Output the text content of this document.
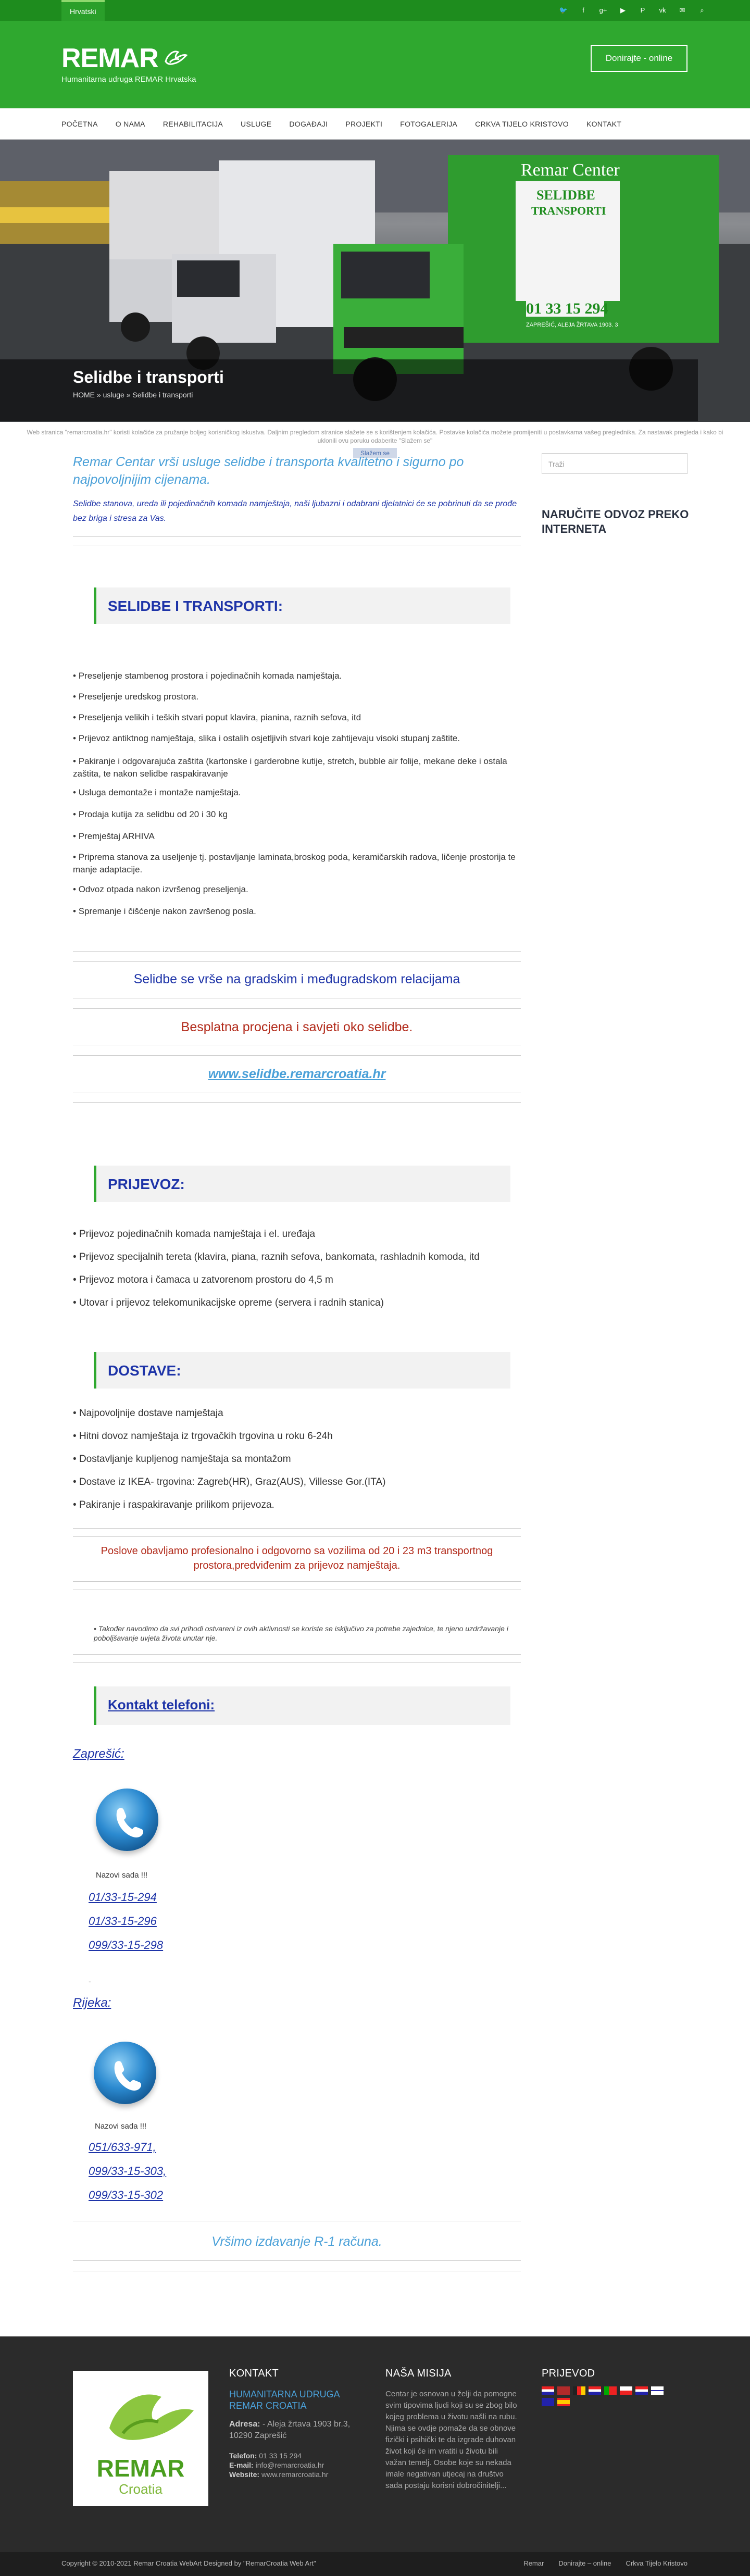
Hrvatski	🐦	f	g+	▶	P	vk	✉	⌕
REMAR
Humanitarna udruga REMAR Hrvatska
Donirajte - online
POČETNA	O NAMA	REHABILITACIJA	USLUGE	DOGAĐAJI	PROJEKTI	FOTOGALERIJA	CRKVA TIJELO KRISTOVO	KONTAKT
Remar Center
SELIDBE
TRANSPORTI
01 33 15 294
ZAPREŠIĆ, ALEJA ŽRTAVA 1903. 3
Selidbe i transporti
HOME » usluge » Selidbe i transporti
Web stranica "remarcroatia.hr" koristi kolačiće za pružanje boljeg korisničkog iskustva. Daljnim pregledom stranice slažete se s korištenjem kolačića. Postavke kolačića možete promijeniti u postavkama vašeg preglednika. Za nastavak pregleda i kako bi uklonili ovu poruku odaberite "Slažem se"
Slažem se
Traži
NARUČITE ODVOZ PREKO INTERNETA

Remar Centar vrši usluge selidbe i transporta kvalitetno i sigurno po najpovoljnijim cijenama.

Selidbe stanova, ureda ili pojedinačnih komada namještaja, naši ljubazni i odabrani djelatnici će se pobrinuti da se prođe bez briga i stresa za Vas.

SELIDBE I TRANSPORTI:
• Preseljenje stambenog prostora i pojedinačnih komada namještaja.
• Preseljenje uredskog prostora.
• Preseljenja velikih i teških stvari poput klavira, pianina, raznih sefova, itd
• Prijevoz antiktnog namještaja, slika i ostalih osjetljivih stvari koje zahtijevaju visoki stupanj zaštite.
• Pakiranje i odgovarajuća zaštita (kartonske i garderobne kutije, stretch, bubble air folije, mekane deke i ostala zaštita, te nakon selidbe raspakiravanje
• Usluga demontaže i montaže namještaja.
• Prodaja kutija za selidbu od 20 i 30 kg
• Premještaj ARHIVA
• Priprema stanova za useljenje tj. postavljanje laminata,broskog poda, keramičarskih radova, ličenje prostorija te manje adaptacije.
• Odvoz otpada nakon izvršenog preseljenja.
• Spremanje i čišćenje nakon završenog posla.
Selidbe se vrše na gradskim i međugradskom relacijama
Besplatna procjena i savjeti oko selidbe.
www.selidbe.remarcroatia.hr
PRIJEVOZ:
• Prijevoz pojedinačnih komada namještaja i el. uređaja
• Prijevoz specijalnih tereta (klavira, piana, raznih sefova, bankomata, rashladnih komoda, itd
• Prijevoz motora i čamaca u zatvorenom prostoru do 4,5 m
• Utovar i prijevoz telekomunikacijske opreme (servera i radnih stanica)
DOSTAVE:
• Najpovoljnije dostave namještaja
• Hitni dovoz namještaja iz trgovačkih trgovina u roku 6-24h
• Dostavljanje kupljenog namještaja sa montažom
• Dostave iz IKEA- trgovina: Zagreb(HR), Graz(AUS), Villesse Gor.(ITA)
• Pakiranje i raspakiravanje prilikom prijevoza.
Poslove obavljamo profesionalno i odgovorno sa vozilima od 20 i 23 m3 transportnog prostora,predviđenim za prijevoz namještaja.
• Također navodimo da svi prihodi ostvareni iz ovih aktivnosti se koriste se isključivo za potrebe zajednice, te njeno uzdržavanje i poboljšavanje uvjeta života unutar nje.
Kontakt telefoni:
Zaprešić:
Nazovi sada !!!
01/33-15-294
01/33-15-296
099/33-15-298
-
Rijeka:
Nazovi sada !!!
051/633-971,
099/33-15-303,
099/33-15-302
Vršimo izdavanje R-1 računa.
REMAR
Croatia
KONTAKT
HUMANITARNA UDRUGA REMAR CROATIA
Adresa: - Aleja žrtava 1903 br.3, 10290 Zaprešić
Telefon: 01 33 15 294
E-mail: info@remarcroatia.hr
Website: www.remarcroatia.hr
NAŠA MISIJA
Centar je osnovan u želji da pomogne svim tipovima ljudi koji su se zbog bilo kojeg problema u životu našli na rubu. Njima se ovdje pomaže da se obnove fizički i psihički te da izgrade duhovan život koji će im vratiti u životu bili važan temelj. Osobe koje su nekada imale negativan utjecaj na društvo sada postaju korisni dobročinitelji...
PRIJEVOD
Copyright © 2010-2021 Remar Croatia WebArt Designed by "RemarCroatia Web Art"	Remar Donirajte – online Crkva Tijelo Kristovo
